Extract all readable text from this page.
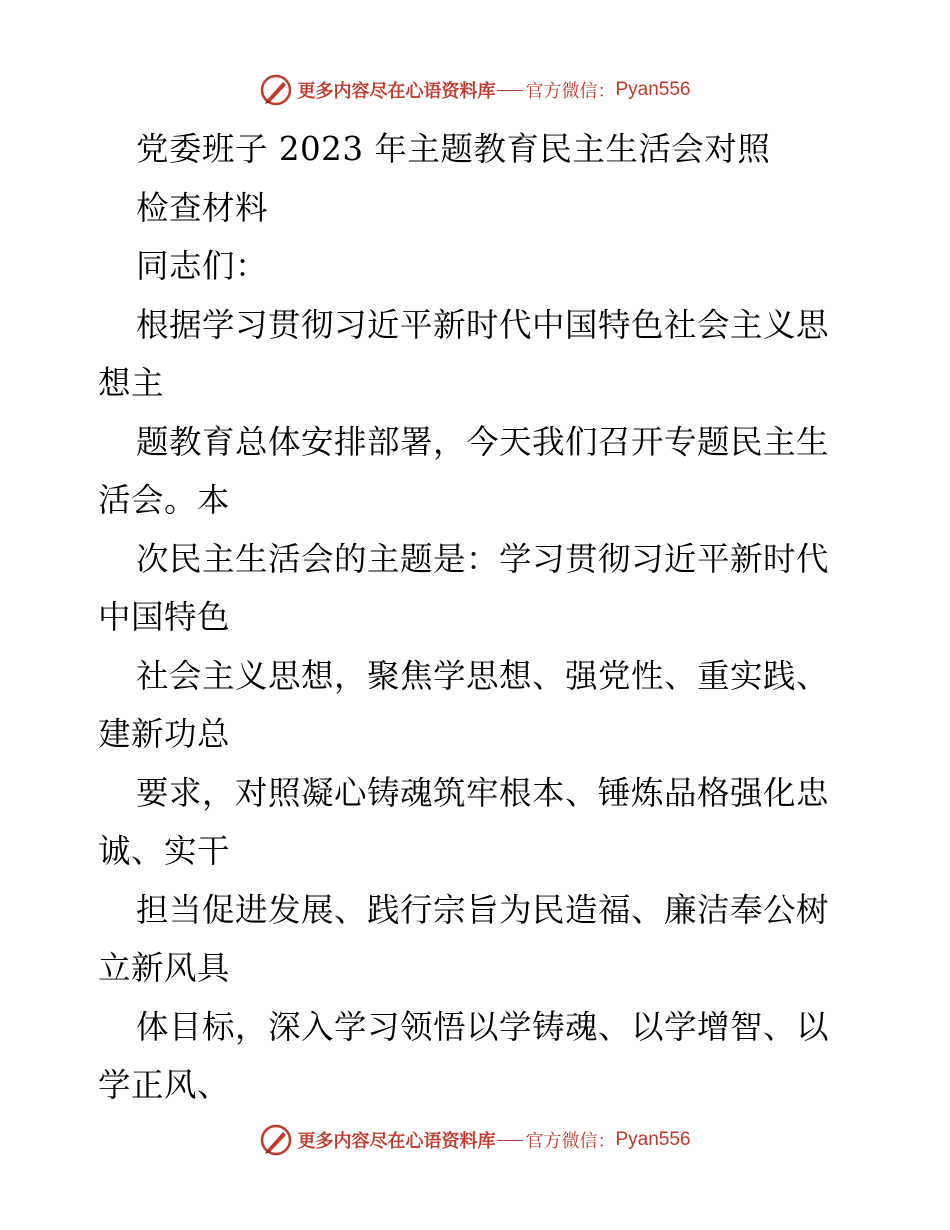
更多内容尽在心语资料库 官方微信： Pyan556
党委班子 2023 年主题教育民主生活会对照
检查材料
同志们：
根据学习贯彻习近平新时代中国特色社会主义思
想主
题教育总体安排部署，今天我们召开专题民主生
活会。本
次民主生活会的主题是：学习贯彻习近平新时代
中国特色
社会主义思想，聚焦学思想、强党性、重实践、
建新功总
要求，对照凝心铸魂筑牢根本、锤炼品格强化忠
诚、实干
担当促进发展、践行宗旨为民造福、廉洁奉公树
立新风具
体目标，深入学习领悟以学铸魂、以学增智、以
学正风、
更多内容尽在心语资料库 官方微信： Pyan556
